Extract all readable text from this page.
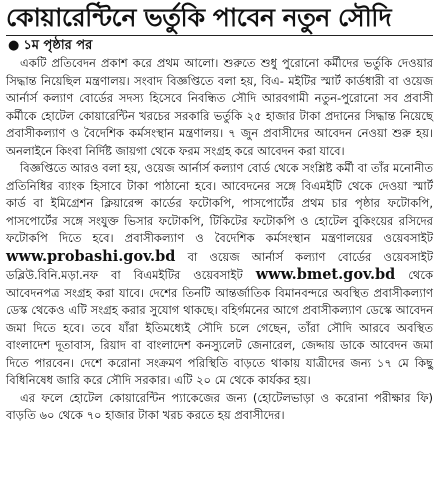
কোয়ারেন্টিনে ভর্তুকি পাবেন নতুন সৌদি
● ১ম পৃষ্ঠার পর

একটি প্রতিবেদন প্রকাশ করে প্রথম আলো। শুরুতে শুধু পুরোনো কর্মীদের ভর্তুকি দেওয়ার সিদ্ধান্ত নিয়েছিল মন্ত্রণালয়। সংবাদ বিজ্ঞপ্তিতে বলা হয়, বিএ- মইটির স্মার্ট কার্ডধারী বা ওয়েজ আর্নার্স কল্যাণ বোর্ডের সদস্য হিসেবে নিবন্ধিত সৌদি আরবগামী নতুন-পুরোনো সব প্রবাসী কর্মীকে হোটেল কোয়ারেন্টিন খরচের সরকারি ভর্তুকি ২৫ হাজার টাকা প্রদানের সিদ্ধান্ত নিয়েছে প্রবাসীকল্যাণ ও বৈদেশিক কর্মসংস্থান মন্ত্রণালয়। ৭ জুন প্রবাসীদের আবেদন নেওয়া শুরু হয়। অনলাইনে কিংবা নির্দিষ্ট জায়গা থেকে ফরম সংগ্রহ করে আবেদন করা যাবে।

বিজ্ঞপ্তিতে আরও বলা হয়, ওয়েজ আর্নার্স কল্যাণ বোর্ড থেকে সংশ্লিষ্ট কর্মী বা তাঁর মনোনীত প্রতিনিধির ব্যাংক হিসাবে টাকা পাঠানো হবে। আবেদনের সঙ্গে বিএমইটি থেকে দেওয়া স্মার্ট কার্ড বা ইমিগ্রেশন ক্লিয়ারেন্স কার্ডের ফটোকপি, পাসপোর্টের প্রথম চার পৃষ্ঠার ফটোকপি, পাসপোর্টের সঙ্গে সংযুক্ত ভিসার ফটোকপি, টিকিটের ফটোকপি ও হোটেল বুকিংয়ের রসিদের ফটোকপি দিতে হবে। প্রবাসীকল্যাণ ও বৈদেশিক কর্মসংস্থান মন্ত্রণালয়ের ওয়েবসাইট www.probashi.gov.bd বা ওয়েজ আর্নার্স কল্যাণ বোর্ডের ওয়েবসাইট ডব্লিউ.বিনি.মড়া.নফ বা বিএমইটির ওয়েবসাইট www.bmet.gov.bd থেকে আবেদনপত্র সংগ্রহ করা যাবে। দেশের তিনটি আন্তর্জাতিক বিমানবন্দরে অবস্থিত প্রবাসীকল্যাণ ডেস্ক থেকেও এটি সংগ্রহ করার সুযোগ থাকছে। বহির্গমনের আগে প্রবাসীকল্যাণ ডেস্কে আবেদন জমা দিতে হবে। তবে যাঁরা ইতিমধ্যেই সৌদি চলে গেছেন, তাঁরা সৌদি আরবে অবস্থিত বাংলাদেশ দূতাবাস, রিয়াদ বা বাংলাদেশ কনস্যুলেট জেনারেল, জেদ্দায় ডাকে আবেদন জমা দিতে পারবেন। দেশে করোনা সংক্রমণ পরিস্থিতি বাড়তে থাকায় যাত্রীদের জন্য ১৭ মে কিছু বিধিনিষেধ জারি করে সৌদি সরকার। এটি ২০ মে থেকে কার্যকর হয়।

এর ফলে হোটেল কোয়ারেন্টিন প্যাকেজের জন্য (হোটেলভাড়া ও করোনা পরীক্ষার ফি) বাড়তি ৬০ থেকে ৭০ হাজার টাকা খরচ করতে হয় প্রবাসীদের।
